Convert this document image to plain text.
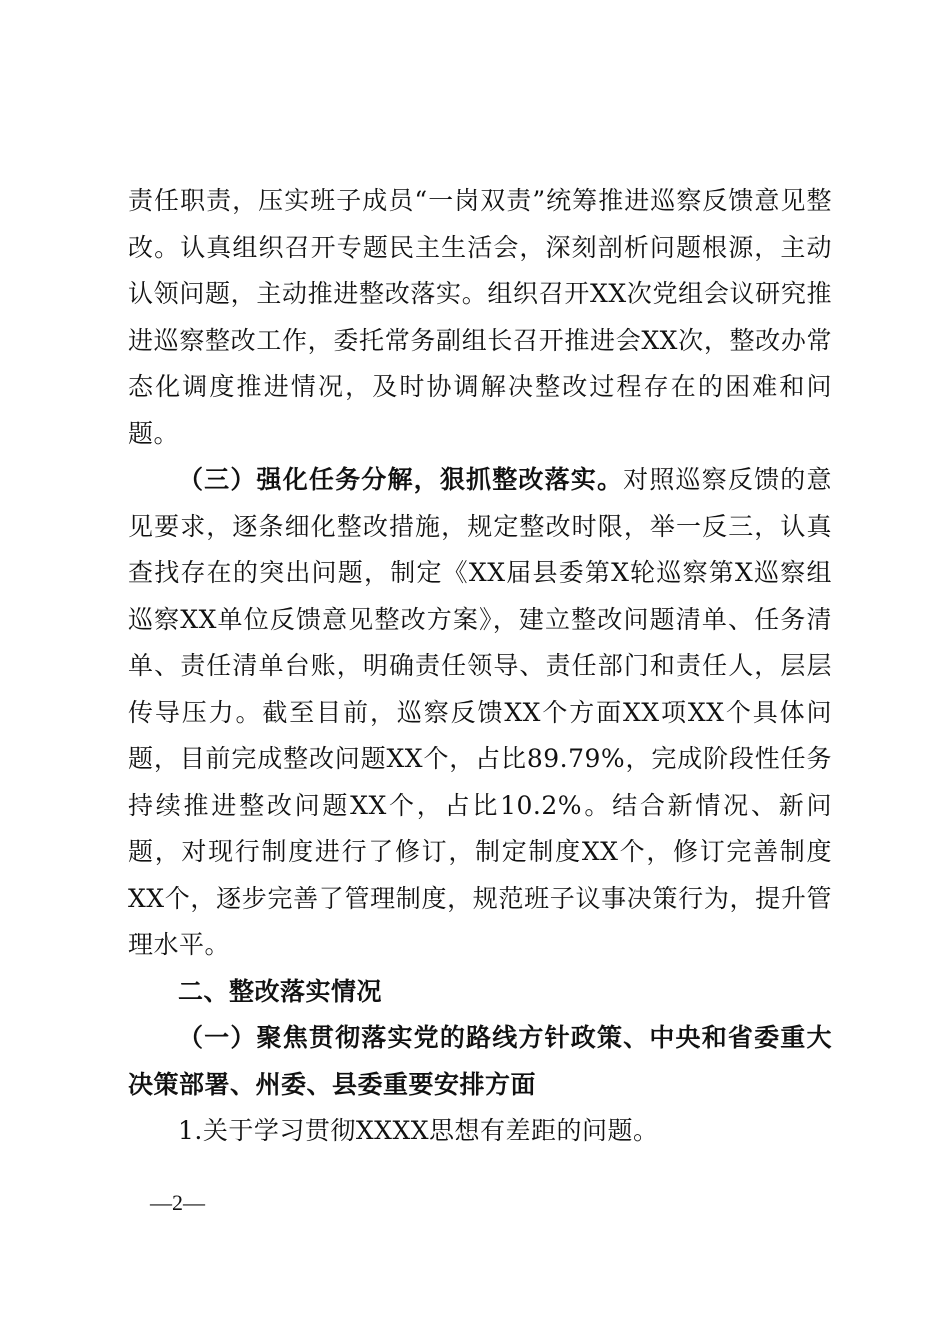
责任职责，压实班子成员“一岗双责”统筹推进巡察反馈意见整改。认真组织召开专题民主生活会，深刻剖析问题根源，主动认领问题，主动推进整改落实。组织召开XX次党组会议研究推进巡察整改工作，委托常务副组长召开推进会XX次，整改办常态化调度推进情况，及时协调解决整改过程存在的困难和问题。

（三）强化任务分解，狠抓整改落实。对照巡察反馈的意见要求，逐条细化整改措施，规定整改时限，举一反三，认真查找存在的突出问题，制定《XX届县委第X轮巡察第X巡察组巡察XX单位反馈意见整改方案》，建立整改问题清单、任务清单、责任清单台账，明确责任领导、责任部门和责任人，层层传导压力。截至目前，巡察反馈XX个方面XX项XX个具体问题，目前完成整改问题XX个，占比89.79%，完成阶段性任务持续推进整改问题XX个，占比10.2%。结合新情况、新问题，对现行制度进行了修订，制定制度XX个，修订完善制度XX个，逐步完善了管理制度，规范班子议事决策行为，提升管理水平。

二、整改落实情况

（一）聚焦贯彻落实党的路线方针政策、中央和省委重大决策部署、州委、县委重要安排方面

1.关于学习贯彻XXXX思想有差距的问题。

—2—
